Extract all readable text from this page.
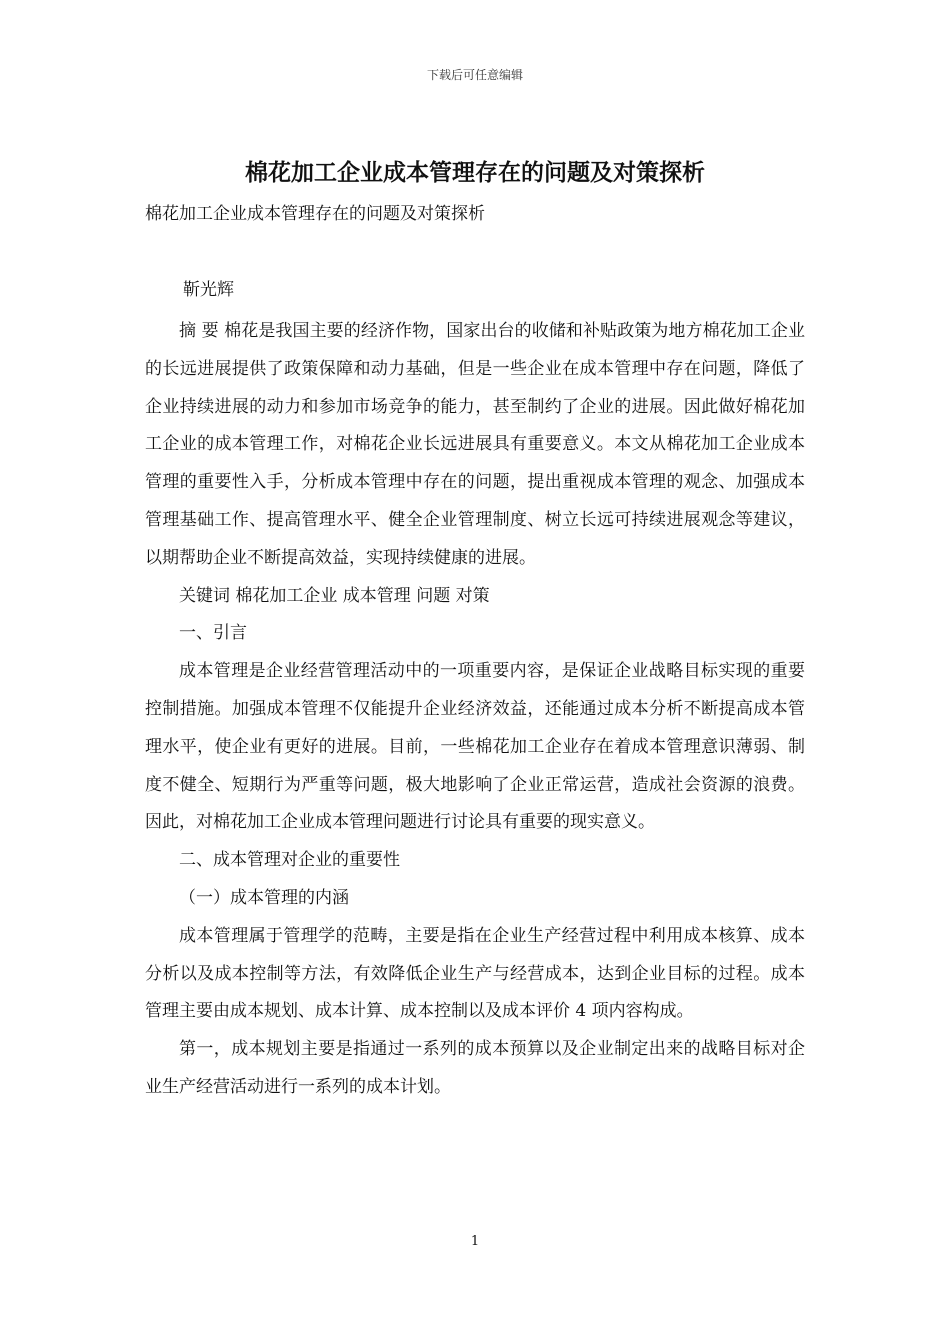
下载后可任意编辑
棉花加工企业成本管理存在的问题及对策探析

棉花加工企业成本管理存在的问题及对策探析

靳光辉

摘 要 棉花是我国主要的经济作物，国家出台的收储和补贴政策为地方棉花加工企业的长远进展提供了政策保障和动力基础，但是一些企业在成本管理中存在问题，降低了企业持续进展的动力和参加市场竞争的能力，甚至制约了企业的进展。因此做好棉花加工企业的成本管理工作，对棉花企业长远进展具有重要意义。本文从棉花加工企业成本管理的重要性入手，分析成本管理中存在的问题，提出重视成本管理的观念、加强成本管理基础工作、提高管理水平、健全企业管理制度、树立长远可持续进展观念等建议，以期帮助企业不断提高效益，实现持续健康的进展。

关键词 棉花加工企业 成本管理 问题 对策

一、引言

成本管理是企业经营管理活动中的一项重要内容，是保证企业战略目标实现的重要控制措施。加强成本管理不仅能提升企业经济效益，还能通过成本分析不断提高成本管理水平，使企业有更好的进展。目前，一些棉花加工企业存在着成本管理意识薄弱、制度不健全、短期行为严重等问题，极大地影响了企业正常运营，造成社会资源的浪费。因此，对棉花加工企业成本管理问题进行讨论具有重要的现实意义。

二、成本管理对企业的重要性

（一）成本管理的内涵

成本管理属于管理学的范畴，主要是指在企业生产经营过程中利用成本核算、成本分析以及成本控制等方法，有效降低企业生产与经营成本，达到企业目标的过程。成本管理主要由成本规划、成本计算、成本控制以及成本评价 4 项内容构成。

第一，成本规划主要是指通过一系列的成本预算以及企业制定出来的战略目标对企业生产经营活动进行一系列的成本计划。

1
